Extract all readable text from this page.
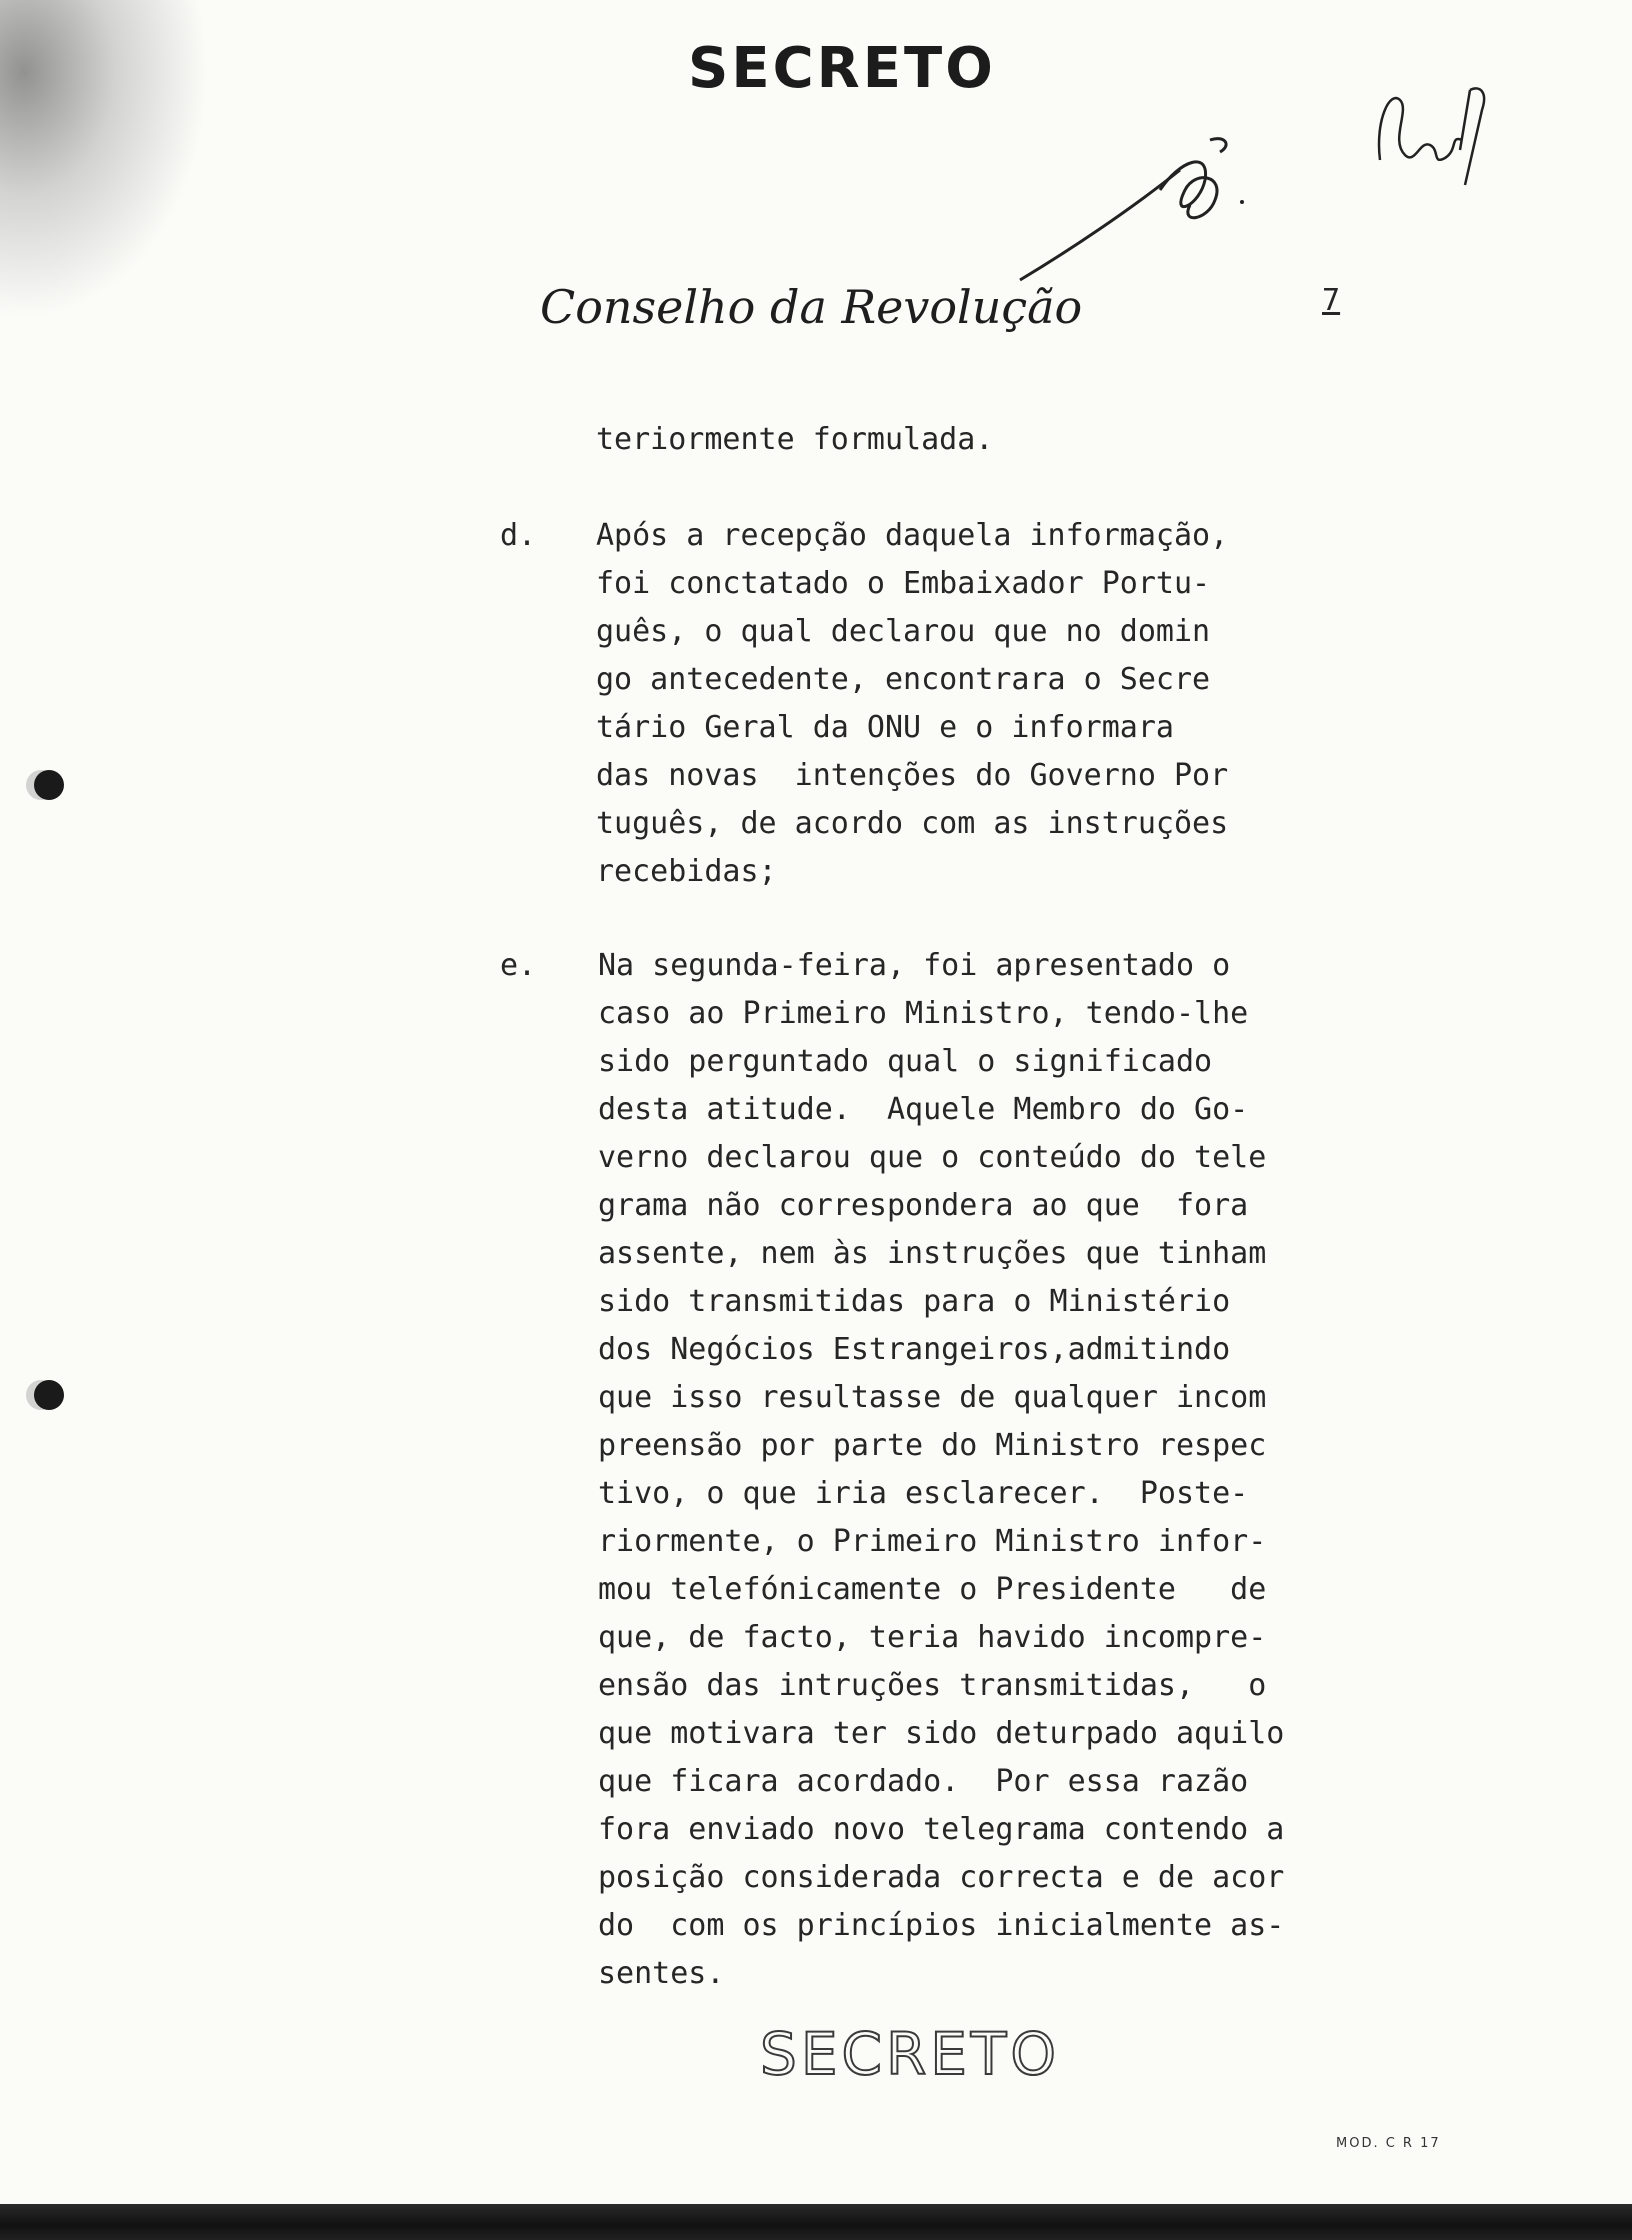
SECRETO
Conselho da Revolução	7
teriormente formulada.
d. Após a recepção daquela informação,
foi conctatado o Embaixador Portu-
guês, o qual declarou que no domin
go antecedente, encontrara o Secre
tário Geral da ONU e o informara
das novas  intenções do Governo Por
tuguês, de acordo com as instruções
recebidas;
e. Na segunda-feira, foi apresentado o
caso ao Primeiro Ministro, tendo-lhe
sido perguntado qual o significado
desta atitude.  Aquele Membro do Go-
verno declarou que o conteúdo do tele
grama não correspondera ao que  fora
assente, nem às instruções que tinham
sido transmitidas para o Ministério
dos Negócios Estrangeiros,admitindo
que isso resultasse de qualquer incom
preensão por parte do Ministro respec
tivo, o que iria esclarecer.  Poste-
riormente, o Primeiro Ministro infor-
mou telefónicamente o Presidente   de
que, de facto, teria havido incompre-
ensão das intruções transmitidas,   o
que motivara ter sido deturpado aquilo
que ficara acordado.  Por essa razão
fora enviado novo telegrama contendo a
posição considerada correcta e de acor
do  com os princípios inicialmente as-
sentes.
SECRETO
MOD. C R 17
